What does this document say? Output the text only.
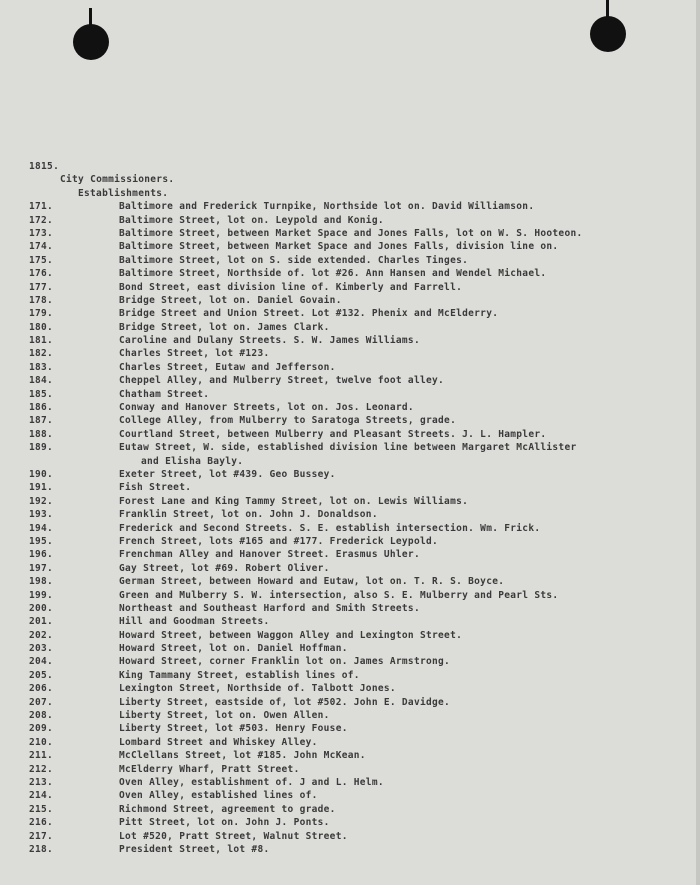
1815.
City Commissioners.
Establishments.
171.	Baltimore and Frederick Turnpike, Northside lot on. David Williamson.
172.	Baltimore Street, lot on. Leypold and Konig.
173.	Baltimore Street, between Market Space and Jones Falls, lot on W. S. Hooteon.
174.	Baltimore Street, between Market Space and Jones Falls, division line on.
175.	Baltimore Street, lot on S. side extended. Charles Tinges.
176.	Baltimore Street, Northside of. lot #26. Ann Hansen and Wendel Michael.
177.	Bond Street, east division line of. Kimberly and Farrell.
178.	Bridge Street, lot on. Daniel Govain.
179.	Bridge Street and Union Street. Lot #132. Phenix and McElderry.
180.	Bridge Street, lot on. James Clark.
181.	Caroline and Dulany Streets. S. W. James Williams.
182.	Charles Street, lot #123.
183.	Charles Street, Eutaw and Jefferson.
184.	Cheppel Alley, and Mulberry Street, twelve foot alley.
185.	Chatham Street.
186.	Conway and Hanover Streets, lot on. Jos. Leonard.
187.	College Alley, from Mulberry to Saratoga Streets, grade.
188.	Courtland Street, between Mulberry and Pleasant Streets. J. L. Hampler.
189.	Eutaw Street, W. side, established division line between Margaret McAllister
and Elisha Bayly.
190.	Exeter Street, lot #439. Geo Bussey.
191.	Fish Street.
192.	Forest Lane and King Tammy Street, lot on. Lewis Williams.
193.	Franklin Street, lot on. John J. Donaldson.
194.	Frederick and Second Streets. S. E. establish intersection. Wm. Frick.
195.	French Street, lots #165 and #177. Frederick Leypold.
196.	Frenchman Alley and Hanover Street. Erasmus Uhler.
197.	Gay Street, lot #69. Robert Oliver.
198.	German Street, between Howard and Eutaw, lot on. T. R. S. Boyce.
199.	Green and Mulberry S. W. intersection, also S. E. Mulberry and Pearl Sts.
200.	Northeast and Southeast Harford and Smith Streets.
201.	Hill and Goodman Streets.
202.	Howard Street, between Waggon Alley and Lexington Street.
203.	Howard Street, lot on. Daniel Hoffman.
204.	Howard Street, corner Franklin lot on. James Armstrong.
205.	King Tammany Street, establish lines of.
206.	Lexington Street, Northside of. Talbott Jones.
207.	Liberty Street, eastside of, lot #502. John E. Davidge.
208.	Liberty Street, lot on. Owen Allen.
209.	Liberty Street, lot #503. Henry Fouse.
210.	Lombard Street and Whiskey Alley.
211.	McClellans Street, lot #185. John McKean.
212.	McElderry Wharf, Pratt Street.
213.	Oven Alley, establishment of. J and L. Helm.
214.	Oven Alley, established lines of.
215.	Richmond Street, agreement to grade.
216.	Pitt Street, lot on. John J. Ponts.
217.	Lot #520, Pratt Street, Walnut Street.
218.	President Street, lot #8.
